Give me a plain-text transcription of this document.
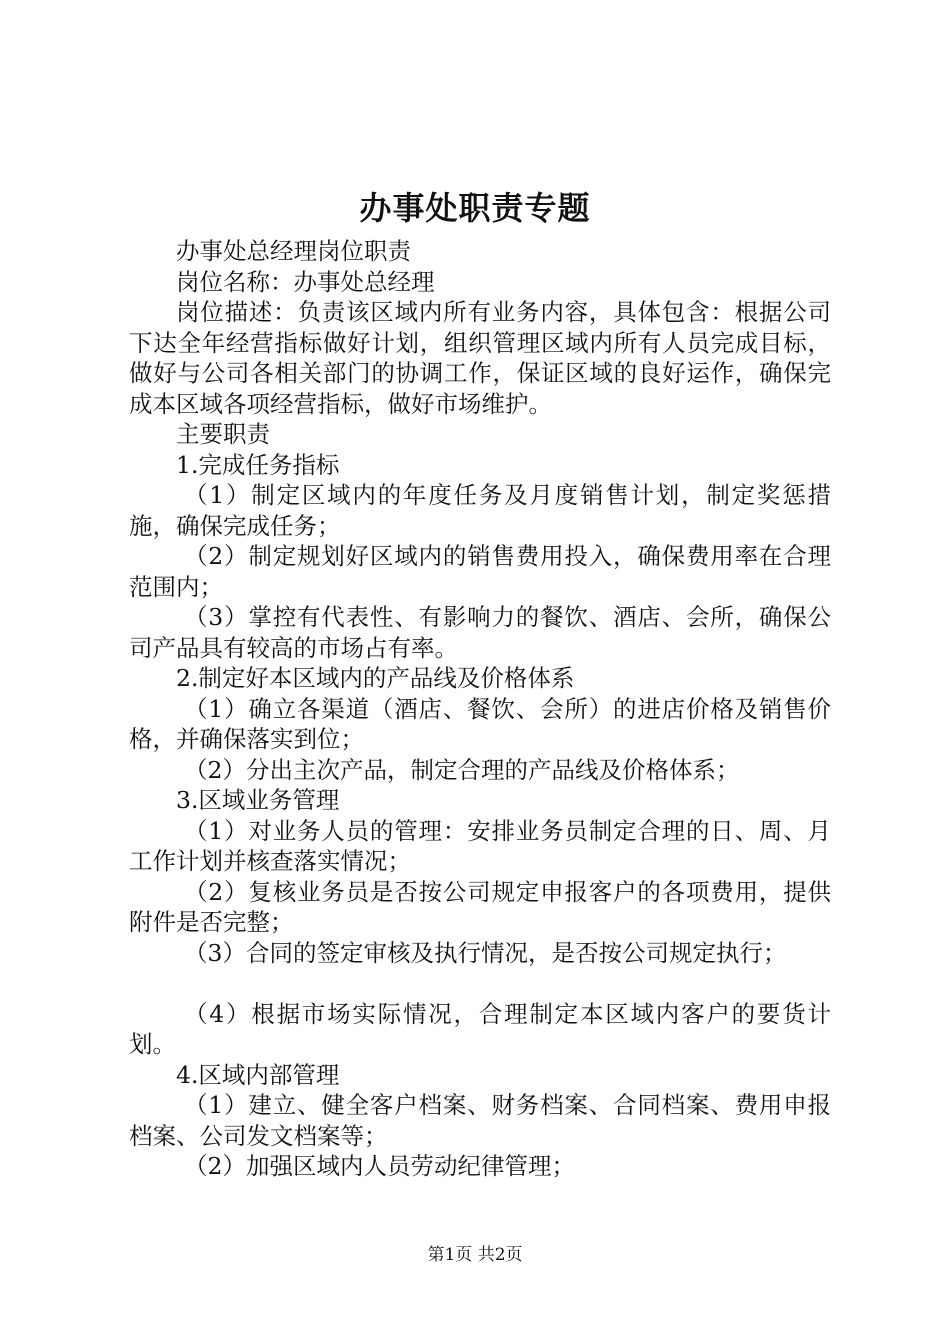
办事处职责专题

办事处总经理岗位职责

岗位名称：办事处总经理

岗位描述：负责该区域内所有业务内容，具体包含：根据公司下达全年经营指标做好计划，组织管理区域内所有人员完成目标，做好与公司各相关部门的协调工作，保证区域的良好运作，确保完成本区域各项经营指标，做好市场维护。

主要职责

1.完成任务指标

（1）制定区域内的年度任务及月度销售计划，制定奖惩措施，确保完成任务；

（2）制定规划好区域内的销售费用投入，确保费用率在合理范围内；

（3）掌控有代表性、有影响力的餐饮、酒店、会所，确保公司产品具有较高的市场占有率。

2.制定好本区域内的产品线及价格体系

（1）确立各渠道（酒店、餐饮、会所）的进店价格及销售价格，并确保落实到位；

（2）分出主次产品，制定合理的产品线及价格体系；

3.区域业务管理

（1）对业务人员的管理：安排业务员制定合理的日、周、月工作计划并核查落实情况；

（2）复核业务员是否按公司规定申报客户的各项费用，提供附件是否完整；

（3）合同的签定审核及执行情况，是否按公司规定执行；

（4）根据市场实际情况，合理制定本区域内客户的要货计划。

4.区域内部管理

（1）建立、健全客户档案、财务档案、合同档案、费用申报档案、公司发文档案等；

（2）加强区域内人员劳动纪律管理；

第1页 共2页
